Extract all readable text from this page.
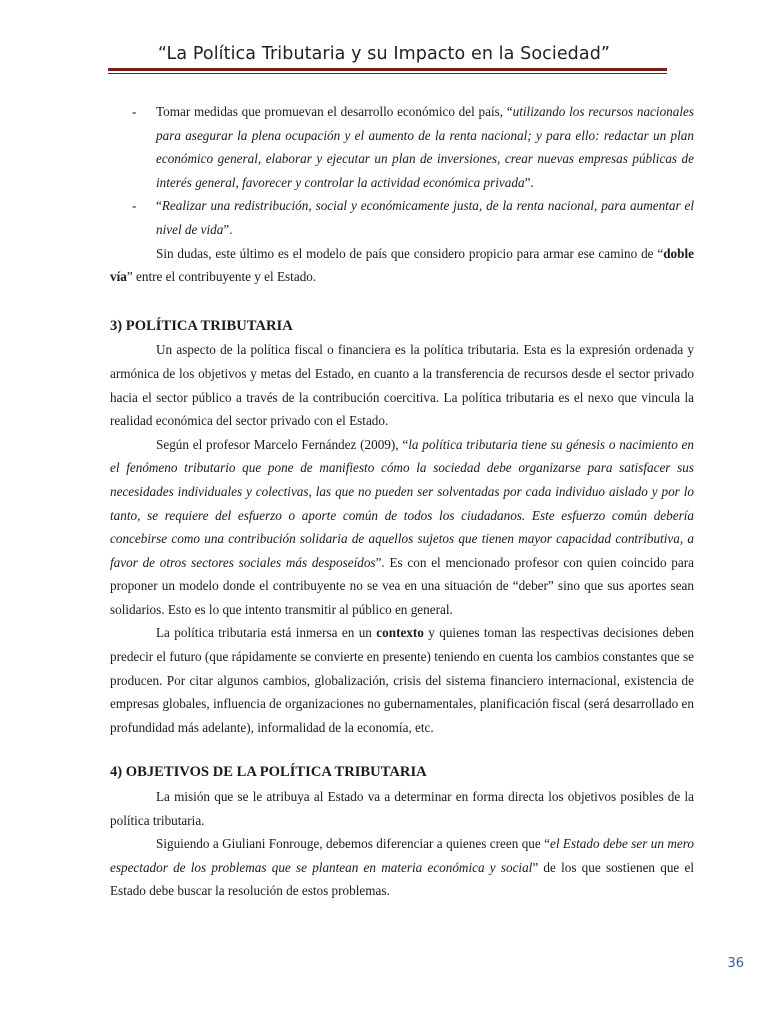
“La Política Tributaria y su Impacto en la Sociedad”

- Tomar medidas que promuevan el desarrollo económico del país, “utilizando los recursos nacionales para asegurar la plena ocupación y el aumento de la renta nacional; y para ello: redactar un plan económico general, elaborar y ejecutar un plan de inversiones, crear nuevas empresas públicas de interés general, favorecer y controlar la actividad económica privada”.

- “Realizar una redistribución, social y económicamente justa, de la renta nacional, para aumentar el nivel de vida”.

Sin dudas, este último es el modelo de país que considero propicio para armar ese camino de “doble vía” entre el contribuyente y el Estado.

3) POLÍTICA TRIBUTARIA

Un aspecto de la política fiscal o financiera es la política tributaria. Esta es la expresión ordenada y armónica de los objetivos y metas del Estado, en cuanto a la transferencia de recursos desde el sector privado hacia el sector público a través de la contribución coercitiva. La política tributaria es el nexo que vincula la realidad económica del sector privado con el Estado.

Según el profesor Marcelo Fernández (2009), “la política tributaria tiene su génesis o nacimiento en el fenómeno tributario que pone de manifiesto cómo la sociedad debe organizarse para satisfacer sus necesidades individuales y colectivas, las que no pueden ser solventadas por cada individuo aislado y por lo tanto, se requiere del esfuerzo o aporte común de todos los ciudadanos. Este esfuerzo común debería concebirse como una contribución solidaria de aquellos sujetos que tienen mayor capacidad contributiva, a favor de otros sectores sociales más desposeídos”. Es con el mencionado profesor con quien coincido para proponer un modelo donde el contribuyente no se vea en una situación de “deber” sino que sus aportes sean solidarios. Esto es lo que intento transmitir al público en general.

La política tributaria está inmersa en un contexto y quienes toman las respectivas decisiones deben predecir el futuro (que rápidamente se convierte en presente) teniendo en cuenta los cambios constantes que se producen. Por citar algunos cambios, globalización, crisis del sistema financiero internacional, existencia de empresas globales, influencia de organizaciones no gubernamentales, planificación fiscal (será desarrollado en profundidad más adelante), informalidad de la economía, etc.

4) OBJETIVOS DE LA POLÍTICA TRIBUTARIA

La misión que se le atribuya al Estado va a determinar en forma directa los objetivos posibles de la política tributaria.

Siguiendo a Giuliani Fonrouge, debemos diferenciar a quienes creen que “el Estado debe ser un mero espectador de los problemas que se plantean en materia económica y social” de los que sostienen que el Estado debe buscar la resolución de estos problemas.

36
